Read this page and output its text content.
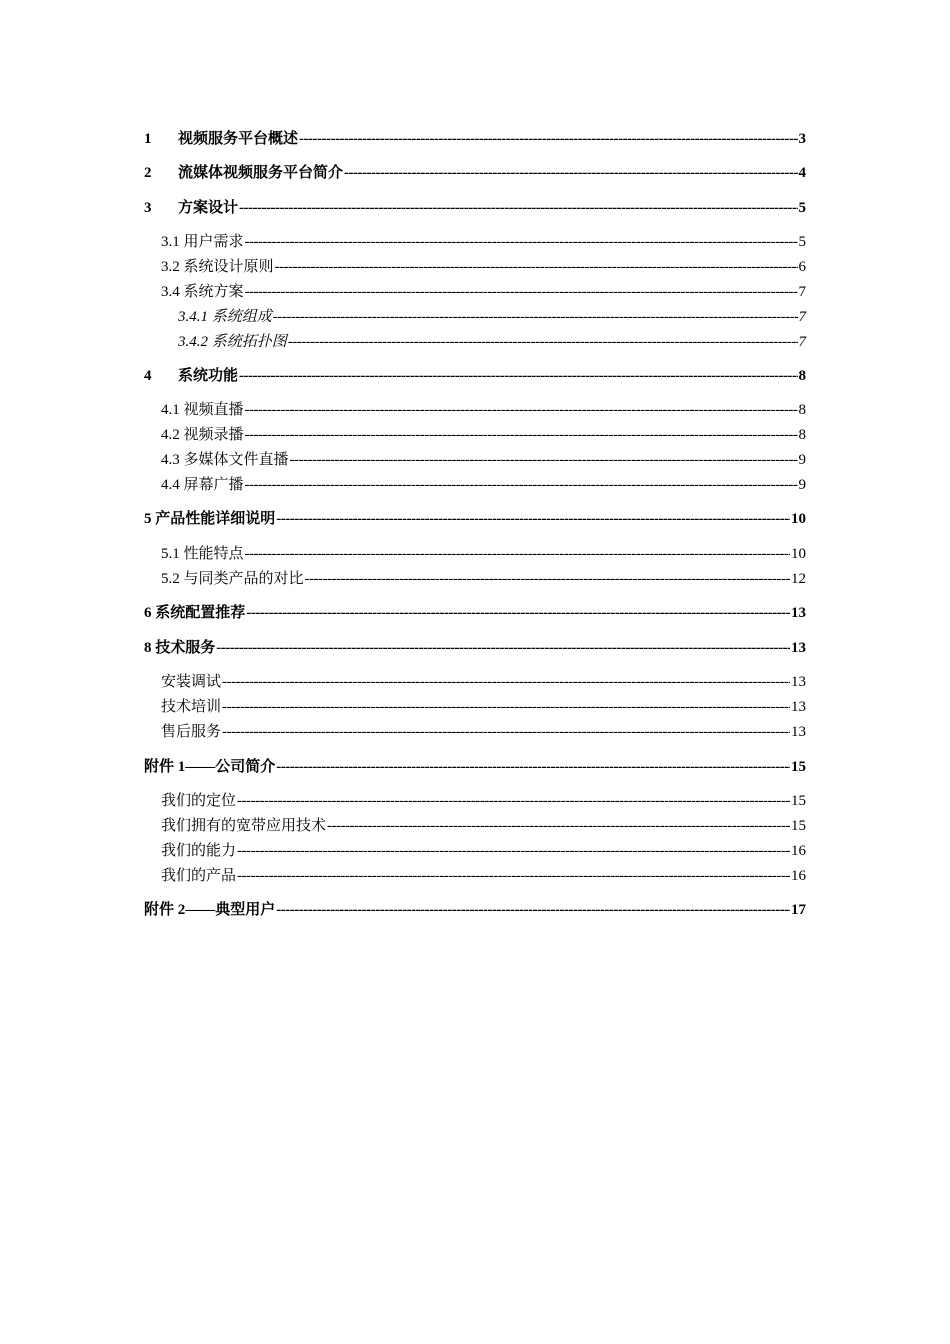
1	视频服务平台概述 -----	3
2	流媒体视频服务平台简介 -----	4
3	方案设计 -----	5
3.1 用户需求 -----	5
3.2 系统设计原则 -----	6
3.4 系统方案 -----	7
3.4.1 系统组成 -----	7
3.4.2 系统拓扑图 -----	7
4	系统功能 -----	8
4.1 视频直播 -----	8
4.2 视频录播 -----	8
4.3 多媒体文件直播 -----	9
4.4 屏幕广播 -----	9
5 产品性能详细说明 -----	10
5.1 性能特点 -----	10
5.2 与同类产品的对比 -----	12
6 系统配置推荐 -----	13
8 技术服务 -----	13
安装调试 -----	13
技术培训 -----	13
售后服务 -----	13
附件 1——公司简介 -----	15
我们的定位 -----	15
我们拥有的宽带应用技术 -----	15
我们的能力 -----	16
我们的产品 -----	16
附件 2——典型用户 -----	17
